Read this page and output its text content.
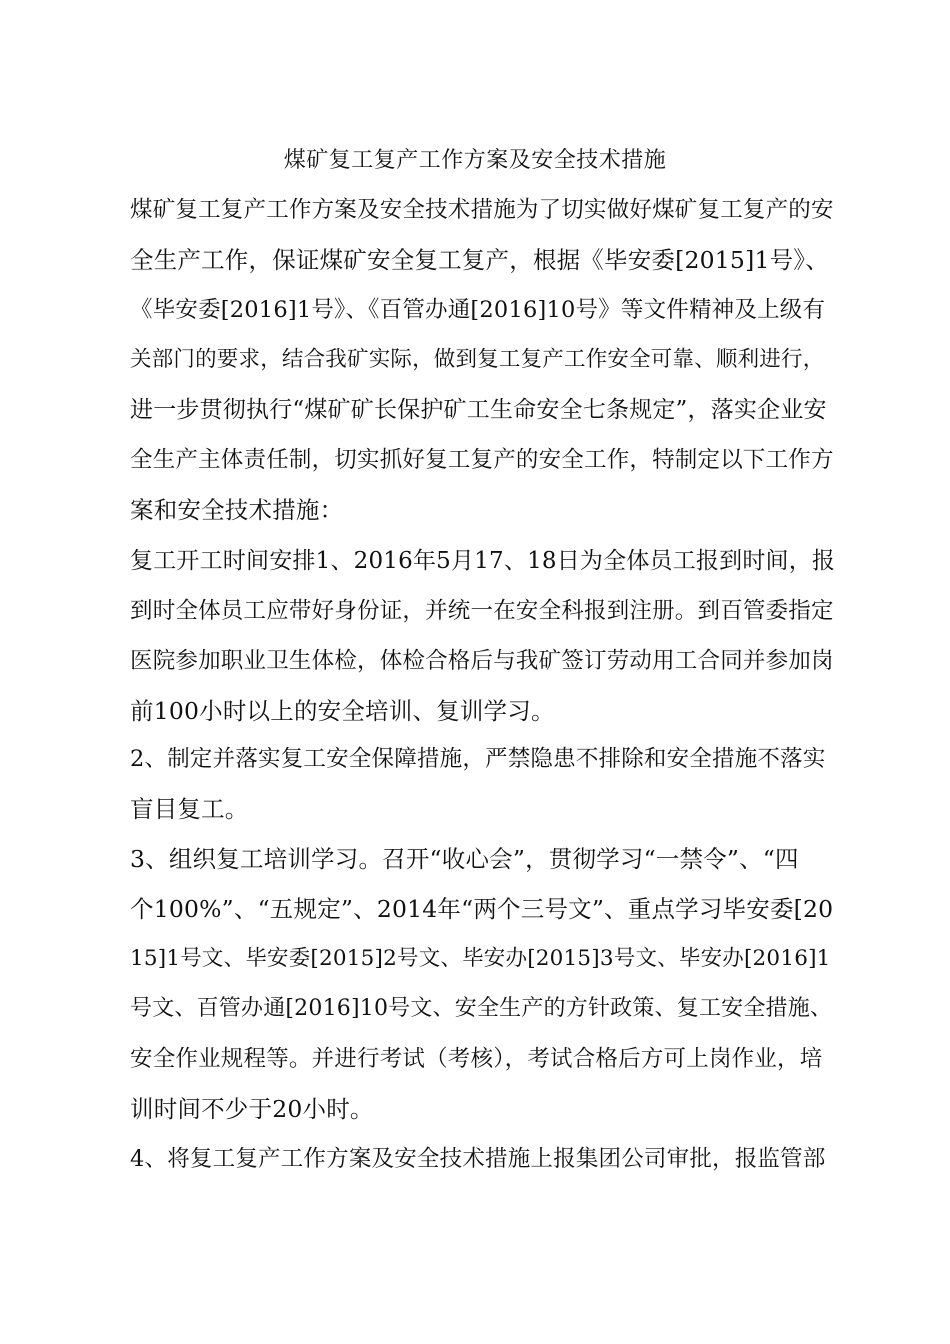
煤矿复工复产工作方案及安全技术措施
煤矿复工复产工作方案及安全技术措施为了切实做好煤矿复工复产的安
全生产工作，保证煤矿安全复工复产，根据《毕安委[2015]1号》、
《毕安委[2016]1号》、《百管办通[2016]10号》等文件精神及上级有
关部门的要求，结合我矿实际，做到复工复产工作安全可靠、顺利进行，
进一步贯彻执行“煤矿矿长保护矿工生命安全七条规定”，落实企业安
全生产主体责任制，切实抓好复工复产的安全工作，特制定以下工作方
案和安全技术措施：
复工开工时间安排1、2016年5月17、18日为全体员工报到时间，报
到时全体员工应带好身份证，并统一在安全科报到注册。到百管委指定
医院参加职业卫生体检，体检合格后与我矿签订劳动用工合同并参加岗
前100小时以上的安全培训、复训学习。
2、制定并落实复工安全保障措施，严禁隐患不排除和安全措施不落实
盲目复工。
3、组织复工培训学习。召开“收心会”，贯彻学习“一禁令”、“四
个100%”、“五规定”、2014年“两个三号文”、重点学习毕安委[20
15]1号文、毕安委[2015]2号文、毕安办[2015]3号文、毕安办[2016]1
号文、百管办通[2016]10号文、安全生产的方针政策、复工安全措施、
安全作业规程等。并进行考试（考核），考试合格后方可上岗作业，培
训时间不少于20小时。
4、将复工复产工作方案及安全技术措施上报集团公司审批，报监管部
